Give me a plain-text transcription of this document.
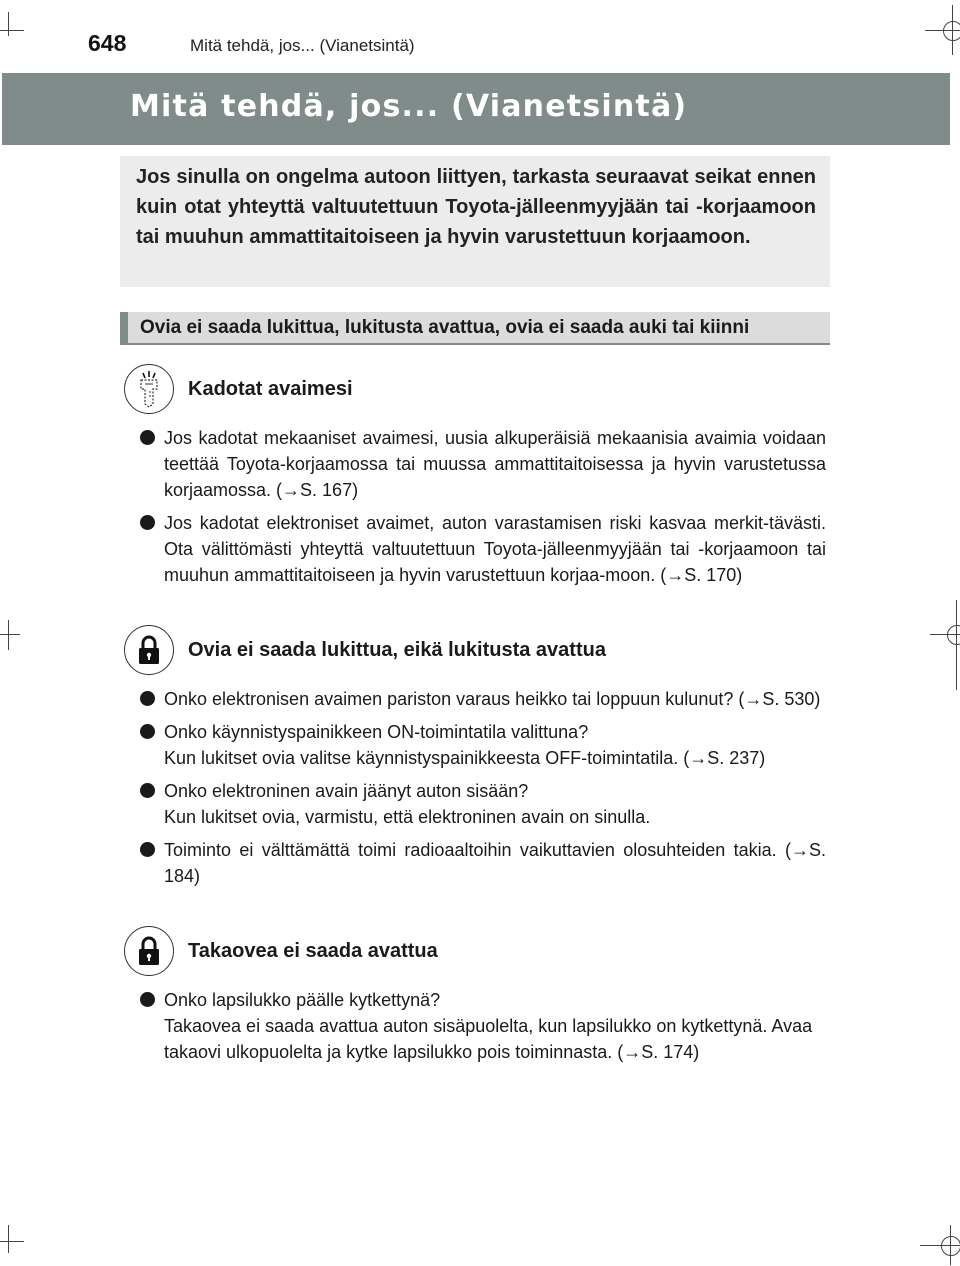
648	Mitä tehdä, jos... (Vianetsintä)
Mitä tehdä, jos... (Vianetsintä)

Jos sinulla on ongelma autoon liittyen, tarkasta seuraavat seikat ennen kuin otat yhteyttä valtuutettuun Toyota-jälleenmyyjään tai -korjaamoon tai muuhun ammattitaitoiseen ja hyvin varustettuun korjaamoon.

Ovia ei saada lukittua, lukitusta avattua, ovia ei saada auki tai kiinni
Kadotat avaimesi

Jos kadotat mekaaniset avaimesi, uusia alkuperäisiä mekaanisia avaimia voidaan teettää Toyota-korjaamossa tai muussa ammattitaitoisessa ja hyvin varustetussa korjaamossa. (→S. 167)

Jos kadotat elektroniset avaimet, auton varastamisen riski kasvaa merkit-tävästi. Ota välittömästi yhteyttä valtuutettuun Toyota-jälleenmyyjään tai -korjaamoon tai muuhun ammattitaitoiseen ja hyvin varustettuun korjaa-moon. (→S. 170)

Ovia ei saada lukittua, eikä lukitusta avattua

Onko elektronisen avaimen pariston varaus heikko tai loppuun kulunut? (→S. 530)

Onko käynnistyspainikkeen ON-toimintatila valittuna?

Kun lukitset ovia valitse käynnistyspainikkeesta OFF-toimintatila. (→S. 237)

Onko elektroninen avain jäänyt auton sisään?

Kun lukitset ovia, varmistu, että elektroninen avain on sinulla.

Toiminto ei välttämättä toimi radioaaltoihin vaikuttavien olosuhteiden takia. (→S. 184)

Takaovea ei saada avattua

Onko lapsilukko päälle kytkettynä?

Takaovea ei saada avattua auton sisäpuolelta, kun lapsilukko on kytkettynä. Avaa takaovi ulkopuolelta ja kytke lapsilukko pois toiminnasta. (→S. 174)
